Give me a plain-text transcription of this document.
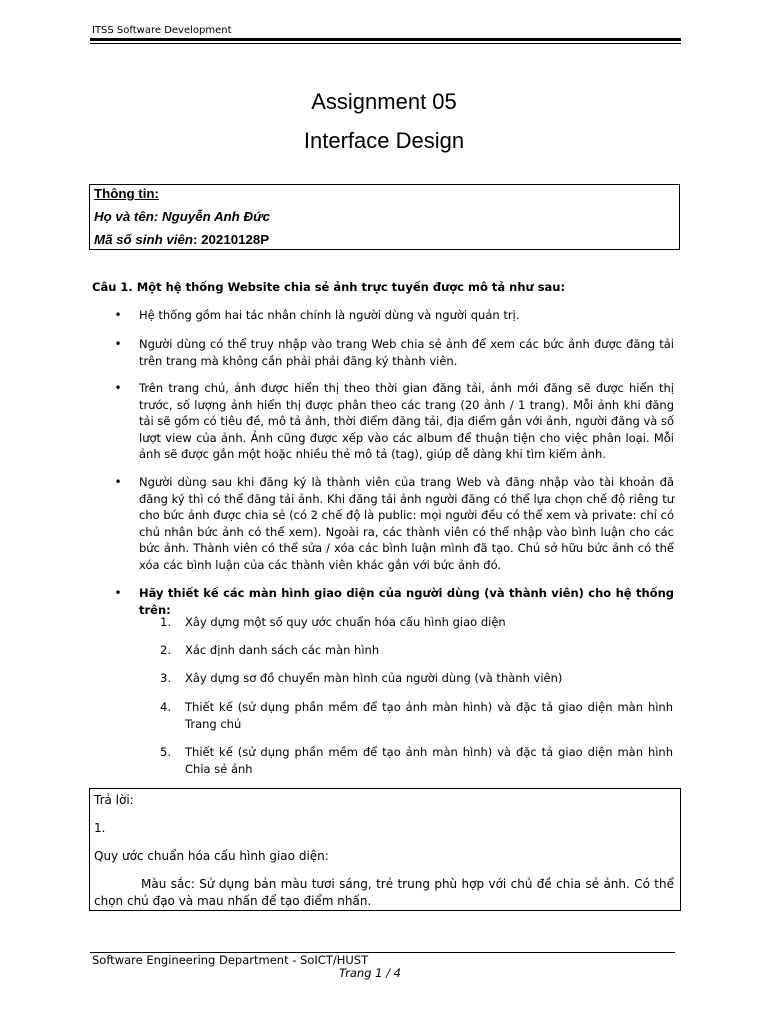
ITSS Software Development
Assignment 05
Interface Design
Thông tin:
Họ và tên: Nguyễn Anh Đức
Mã số sinh viên: 20210128P
Câu 1. Một hệ thống Website chia sẻ ảnh trực tuyến được mô tả như sau:
• Hệ thống gồm hai tác nhân chính là người dùng và người quản trị.
• Người dùng có thể truy nhập vào trang Web chia sẻ ảnh để xem các bức ảnh được đăng tải trên trang mà không cần phải phải đăng ký thành viên.
• Trên trang chủ, ảnh được hiển thị theo thời gian đăng tải, ảnh mới đăng sẽ được hiển thị trước, số lượng ảnh hiển thị được phân theo các trang (20 ảnh / 1 trang). Mỗi ảnh khi đăng tải sẽ gồm có tiêu đề, mô tả ảnh, thời điểm đăng tải, địa điểm gắn với ảnh, người đăng và số lượt view của ảnh. Ảnh cũng được xếp vào các album để thuận tiện cho việc phân loại. Mỗi ảnh sẽ được gắn một hoặc nhiều thẻ mô tả (tag), giúp dễ dàng khi tìm kiếm ảnh.
• Người dùng sau khi đăng ký là thành viên của trang Web và đăng nhập vào tài khoản đã đăng ký thì có thể đăng tải ảnh. Khi đăng tải ảnh người đăng có thể lựa chọn chế độ riêng tư cho bức ảnh được chia sẻ (có 2 chế độ là public: mọi người đều có thể xem và private: chỉ có chủ nhân bức ảnh có thể xem). Ngoài ra, các thành viên có thể nhập vào bình luận cho các bức ảnh. Thành viên có thể sửa / xóa các bình luận mình đã tạo. Chủ sở hữu bức ảnh có thể xóa các bình luận của các thành viên khác gắn với bức ảnh đó.
• Hãy thiết kế các màn hình giao diện của người dùng (và thành viên) cho hệ thống trên:
1.	Xây dựng một số quy ước chuẩn hóa cấu hình giao diện
2.	Xác định danh sách các màn hình
3.	Xây dựng sơ đồ chuyển màn hình của người dùng (và thành viên)
4.	Thiết kế (sử dụng phần mềm để tạo ảnh màn hình) và đặc tả giao diện màn hình Trang chủ
5.	Thiết kế (sử dụng phần mềm để tạo ảnh màn hình) và đặc tả giao diện màn hình Chia sẻ ảnh
Trả lời:
1.
Quy ước chuẩn hóa cấu hình giao diện:
Màu sắc: Sử dụng bản màu tươi sáng, trẻ trung phù hợp với chủ đề chia sẻ ảnh. Có thể chọn chủ đạo và mau nhấn để tạo điểm nhấn.
Software Engineering Department - SoICT/HUST
Trang 1 / 4
